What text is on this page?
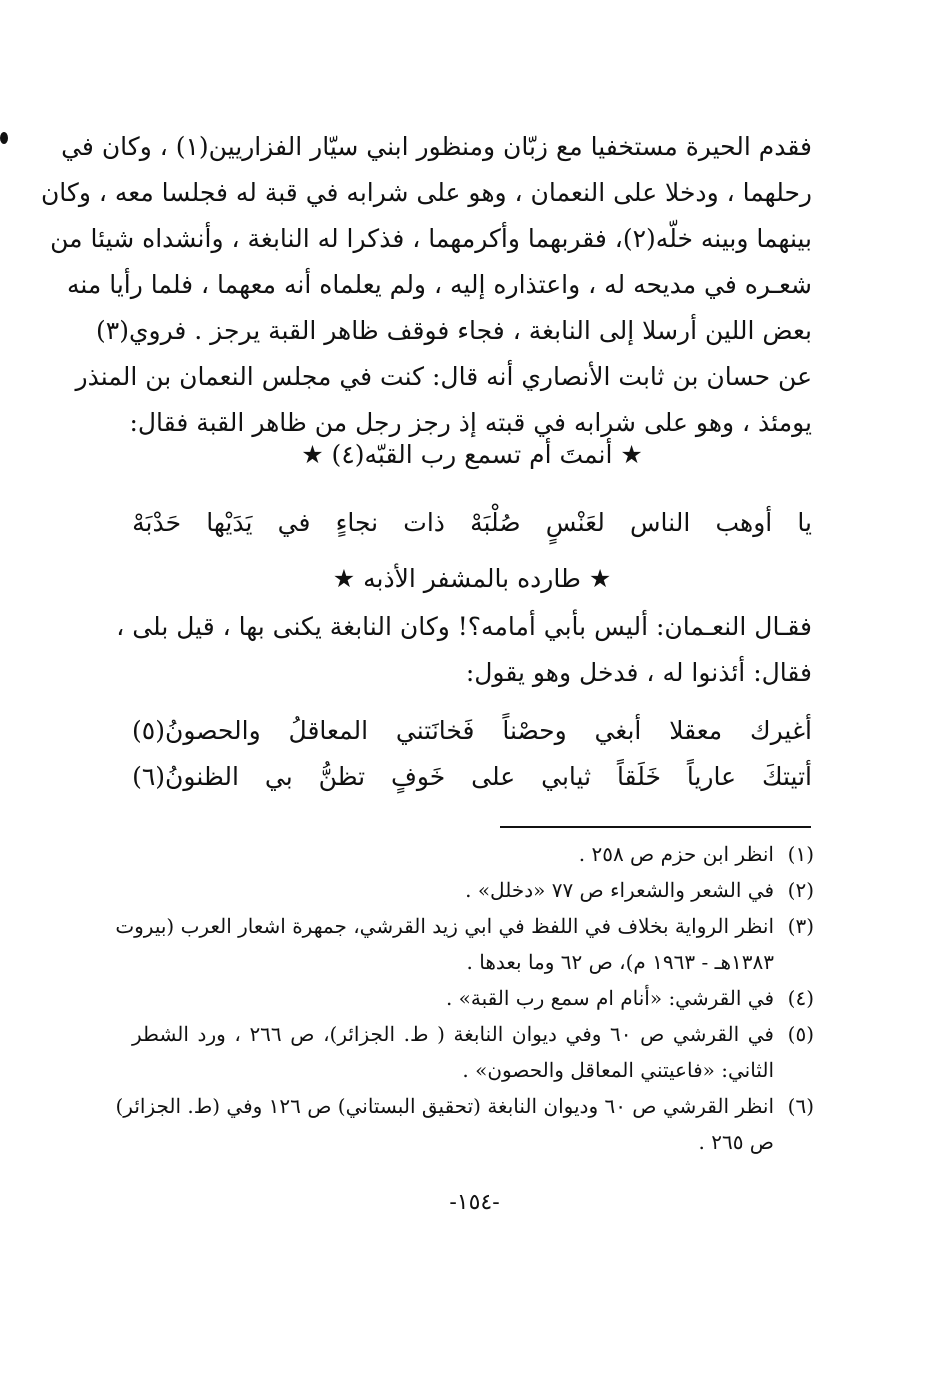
فقدم الحيرة مستخفيا مع زبّان ومنظور ابني سيّار الفزاريين(١) ، وكان في
رحلهما ، ودخلا على النعمان ، وهو على شرابه في قبة له فجلسا معه ، وكان
بينهما وبينه خلّه(٢)، فقربهما وأكرمهما ، فذكرا له النابغة ، وأنشداه شيئا من
شعـره في مديحه له ، واعتذاره إليه ، ولم يعلماه أنه معهما ، فلما رأيا منه
بعض اللين أرسلا إلى النابغة ، فجاء فوقف ظاهر القبة يرجز . فروي(٣)
عن حسان بن ثابت الأنصاري أنه قال: كنت في مجلس النعمان بن المنذر
يومئذ ، وهو على شرابه في قبته إذ رجز رجل من ظاهر القبة فقال:
★ أنمتَ أم تسمع رب القبّه(٤) ★
يا
أوهب
الناس
لعَنْسٍ
صُلْبَهْ
ذات
نجاءٍ
في
يَدَيْها
حَدْبَهْ
★ طارده بالمشفر الأذبه ★
فقـال النعـمان: أليس بأبي أمامه؟! وكان النابغة يكنى بها ، قيل بلى ،
فقال: أئذنوا له ، فدخل وهو يقول:
أغيرك
معقلا
أبغي
وحصْناً
فَخانَتني
المعاقلُ
والحصونُ(٥)
أتيتكَ
عارياً
خَلَقاً
ثيابي
على
خَوفٍ
تظنُّ
بي
الظنونُ(٦)
(١)
انظر ابن حزم ص ٢٥٨ .
(٢)
في الشعر والشعراء ص ٧٧ «دخلل» .
(٣)
انظر الرواية بخلاف في اللفظ في ابي زيد القرشي، جمهرة اشعار العرب (بيروت
١٣٨٣هـ - ١٩٦٣ م)، ص ٦٢ وما بعدها .
(٤)
في القرشي: «أنام ام سمع رب القبة» .
(٥)
في القرشي ص ٦٠ وفي ديوان النابغة ( ط. الجزائر)، ص ٢٦٦ ، ورد الشطر
الثاني: «فاعيتني المعاقل والحصون» .
(٦)
انظر القرشي ص ٦٠ وديوان النابغة (تحقيق البستاني) ص ١٢٦ وفي (ط. الجزائر)
ص ٢٦٥ .
-١٥٤-
